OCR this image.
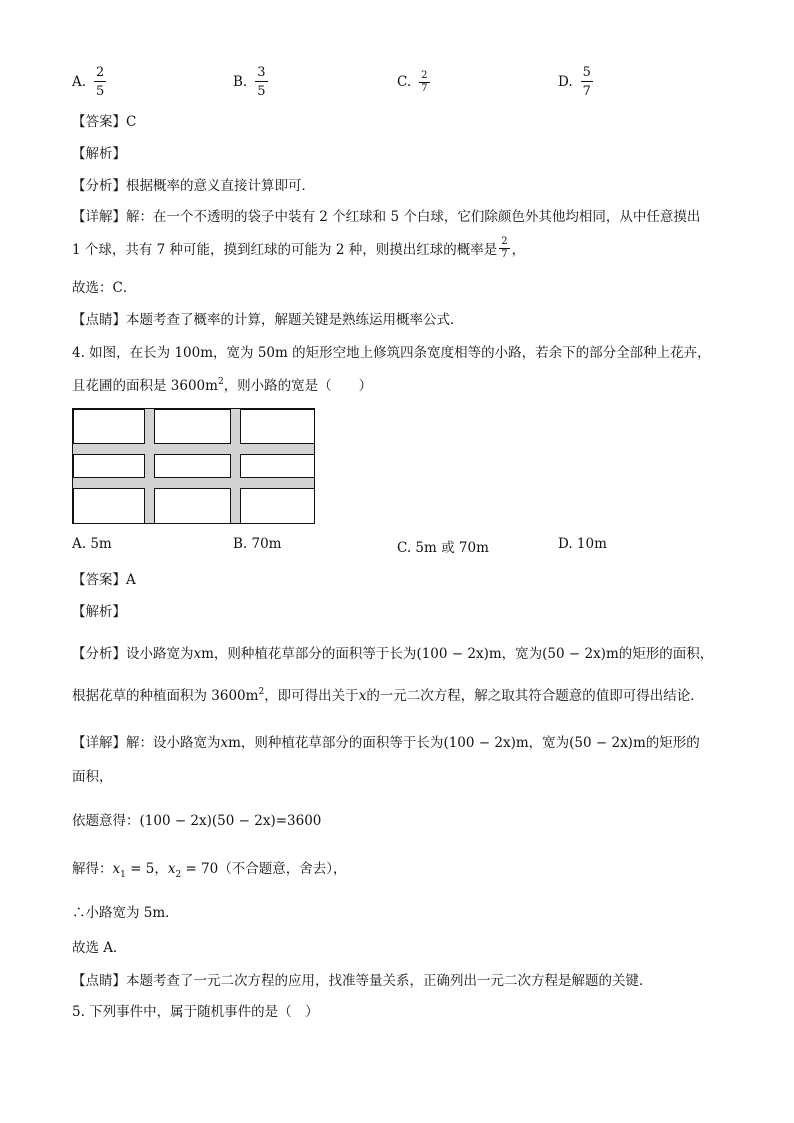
A. $\frac{2}{5}$	B. $\frac{3}{5}$	C. $\frac{2}{7}$	D. $\frac{5}{7}$
【答案】C
【解析】
【分析】根据概率的意义直接计算即可．
【详解】解：在一个不透明的袋子中装有 2 个红球和 5 个白球，它们除颜色外其他均相同，从中任意摸出
1 个球，共有 7 种可能，摸到红球的可能为 2 种，则摸出红球的概率是 $\frac{2}{7}$ ，
故选：C．
【点睛】本题考查了概率的计算，解题关键是熟练运用概率公式．
4. 如图，在长为 100m，宽为 50m 的矩形空地上修筑四条宽度相等的小路，若余下的部分全部种上花卉，
且花圃的面积是 $3600m^2$，则小路的宽是（　　）
A. 5m	B. 70m	C. 5m 或 70m	D. 10m
【答案】A
【解析】
【分析】设小路宽为xm，则种植花草部分的面积等于长为(100 − 2x)m，宽为(50 − 2x)m的矩形的面积，
根据花草的种植面积为 $3600m^2$，即可得出关于x的一元二次方程，解之取其符合题意的值即可得出结论．
【详解】解：设小路宽为xm，则种植花草部分的面积等于长为(100 − 2x)m，宽为(50 − 2x)m的矩形的
面积，
依题意得：(100 − 2x)(50 − 2x)=3600
解得：$x_1 = 5$，$x_2 = 70$（不合题意，舍去），
∴小路宽为 5m．
故选 A．
【点睛】本题考查了一元二次方程的应用，找准等量关系，正确列出一元二次方程是解题的关键．
5. 下列事件中，属于随机事件的是（　）
